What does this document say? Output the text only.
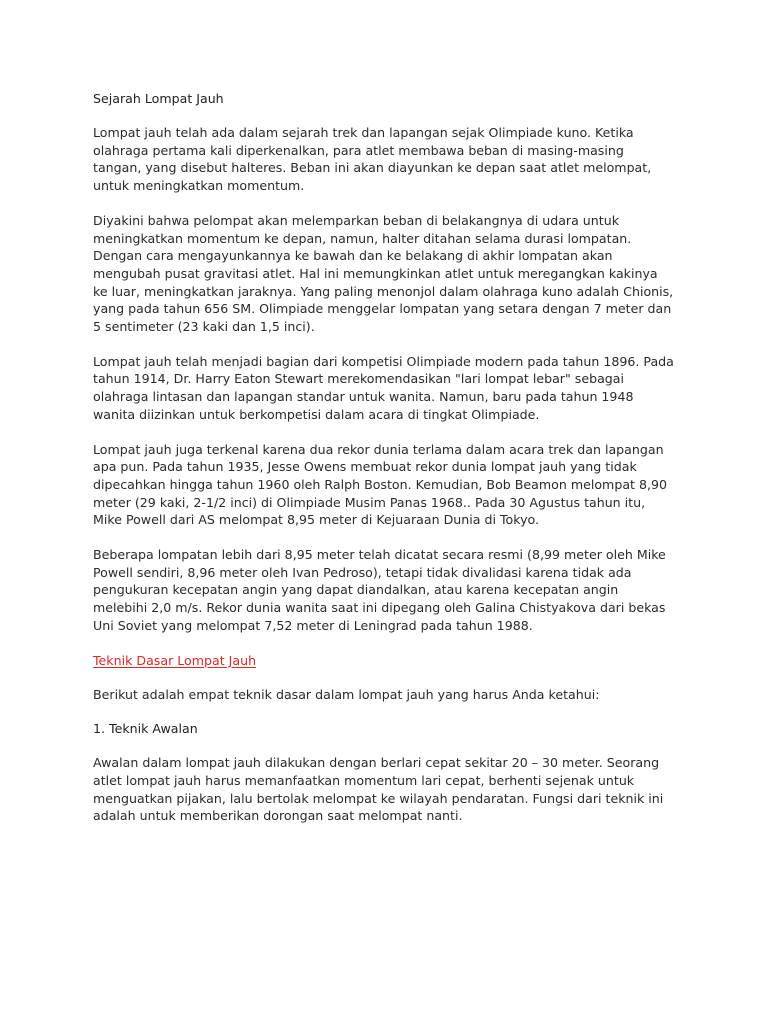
Sejarah Lompat Jauh

Lompat jauh telah ada dalam sejarah trek dan lapangan sejak Olimpiade kuno. Ketika olahraga pertama kali diperkenalkan, para atlet membawa beban di masing-masing tangan, yang disebut halteres. Beban ini akan diayunkan ke depan saat atlet melompat, untuk meningkatkan momentum.

Diyakini bahwa pelompat akan melemparkan beban di belakangnya di udara untuk meningkatkan momentum ke depan, namun, halter ditahan selama durasi lompatan. Dengan cara mengayunkannya ke bawah dan ke belakang di akhir lompatan akan mengubah pusat gravitasi atlet. Hal ini memungkinkan atlet untuk meregangkan kakinya ke luar, meningkatkan jaraknya. Yang paling menonjol dalam olahraga kuno adalah Chionis, yang pada tahun 656 SM. Olimpiade menggelar lompatan yang setara dengan 7 meter dan 5 sentimeter (23 kaki dan 1,5 inci).

Lompat jauh telah menjadi bagian dari kompetisi Olimpiade modern pada tahun 1896. Pada tahun 1914, Dr. Harry Eaton Stewart merekomendasikan "lari lompat lebar" sebagai olahraga lintasan dan lapangan standar untuk wanita. Namun, baru pada tahun 1948 wanita diizinkan untuk berkompetisi dalam acara di tingkat Olimpiade.

Lompat jauh juga terkenal karena dua rekor dunia terlama dalam acara trek dan lapangan apa pun. Pada tahun 1935, Jesse Owens membuat rekor dunia lompat jauh yang tidak dipecahkan hingga tahun 1960 oleh Ralph Boston. Kemudian, Bob Beamon melompat 8,90 meter (29 kaki, 2-1/2 inci) di Olimpiade Musim Panas 1968.. Pada 30 Agustus tahun itu, Mike Powell dari AS melompat 8,95 meter di Kejuaraan Dunia di Tokyo.

Beberapa lompatan lebih dari 8,95 meter telah dicatat secara resmi (8,99 meter oleh Mike Powell sendiri, 8,96 meter oleh Ivan Pedroso), tetapi tidak divalidasi karena tidak ada pengukuran kecepatan angin yang dapat diandalkan, atau karena kecepatan angin melebihi 2,0 m/s. Rekor dunia wanita saat ini dipegang oleh Galina Chistyakova dari bekas Uni Soviet yang melompat 7,52 meter di Leningrad pada tahun 1988.

Teknik Dasar Lompat Jauh

Berikut adalah empat teknik dasar dalam lompat jauh yang harus Anda ketahui:

1. Teknik Awalan

Awalan dalam lompat jauh dilakukan dengan berlari cepat sekitar 20 – 30 meter. Seorang atlet lompat jauh harus memanfaatkan momentum lari cepat, berhenti sejenak untuk menguatkan pijakan, lalu bertolak melompat ke wilayah pendaratan. Fungsi dari teknik ini adalah untuk memberikan dorongan saat melompat nanti.
